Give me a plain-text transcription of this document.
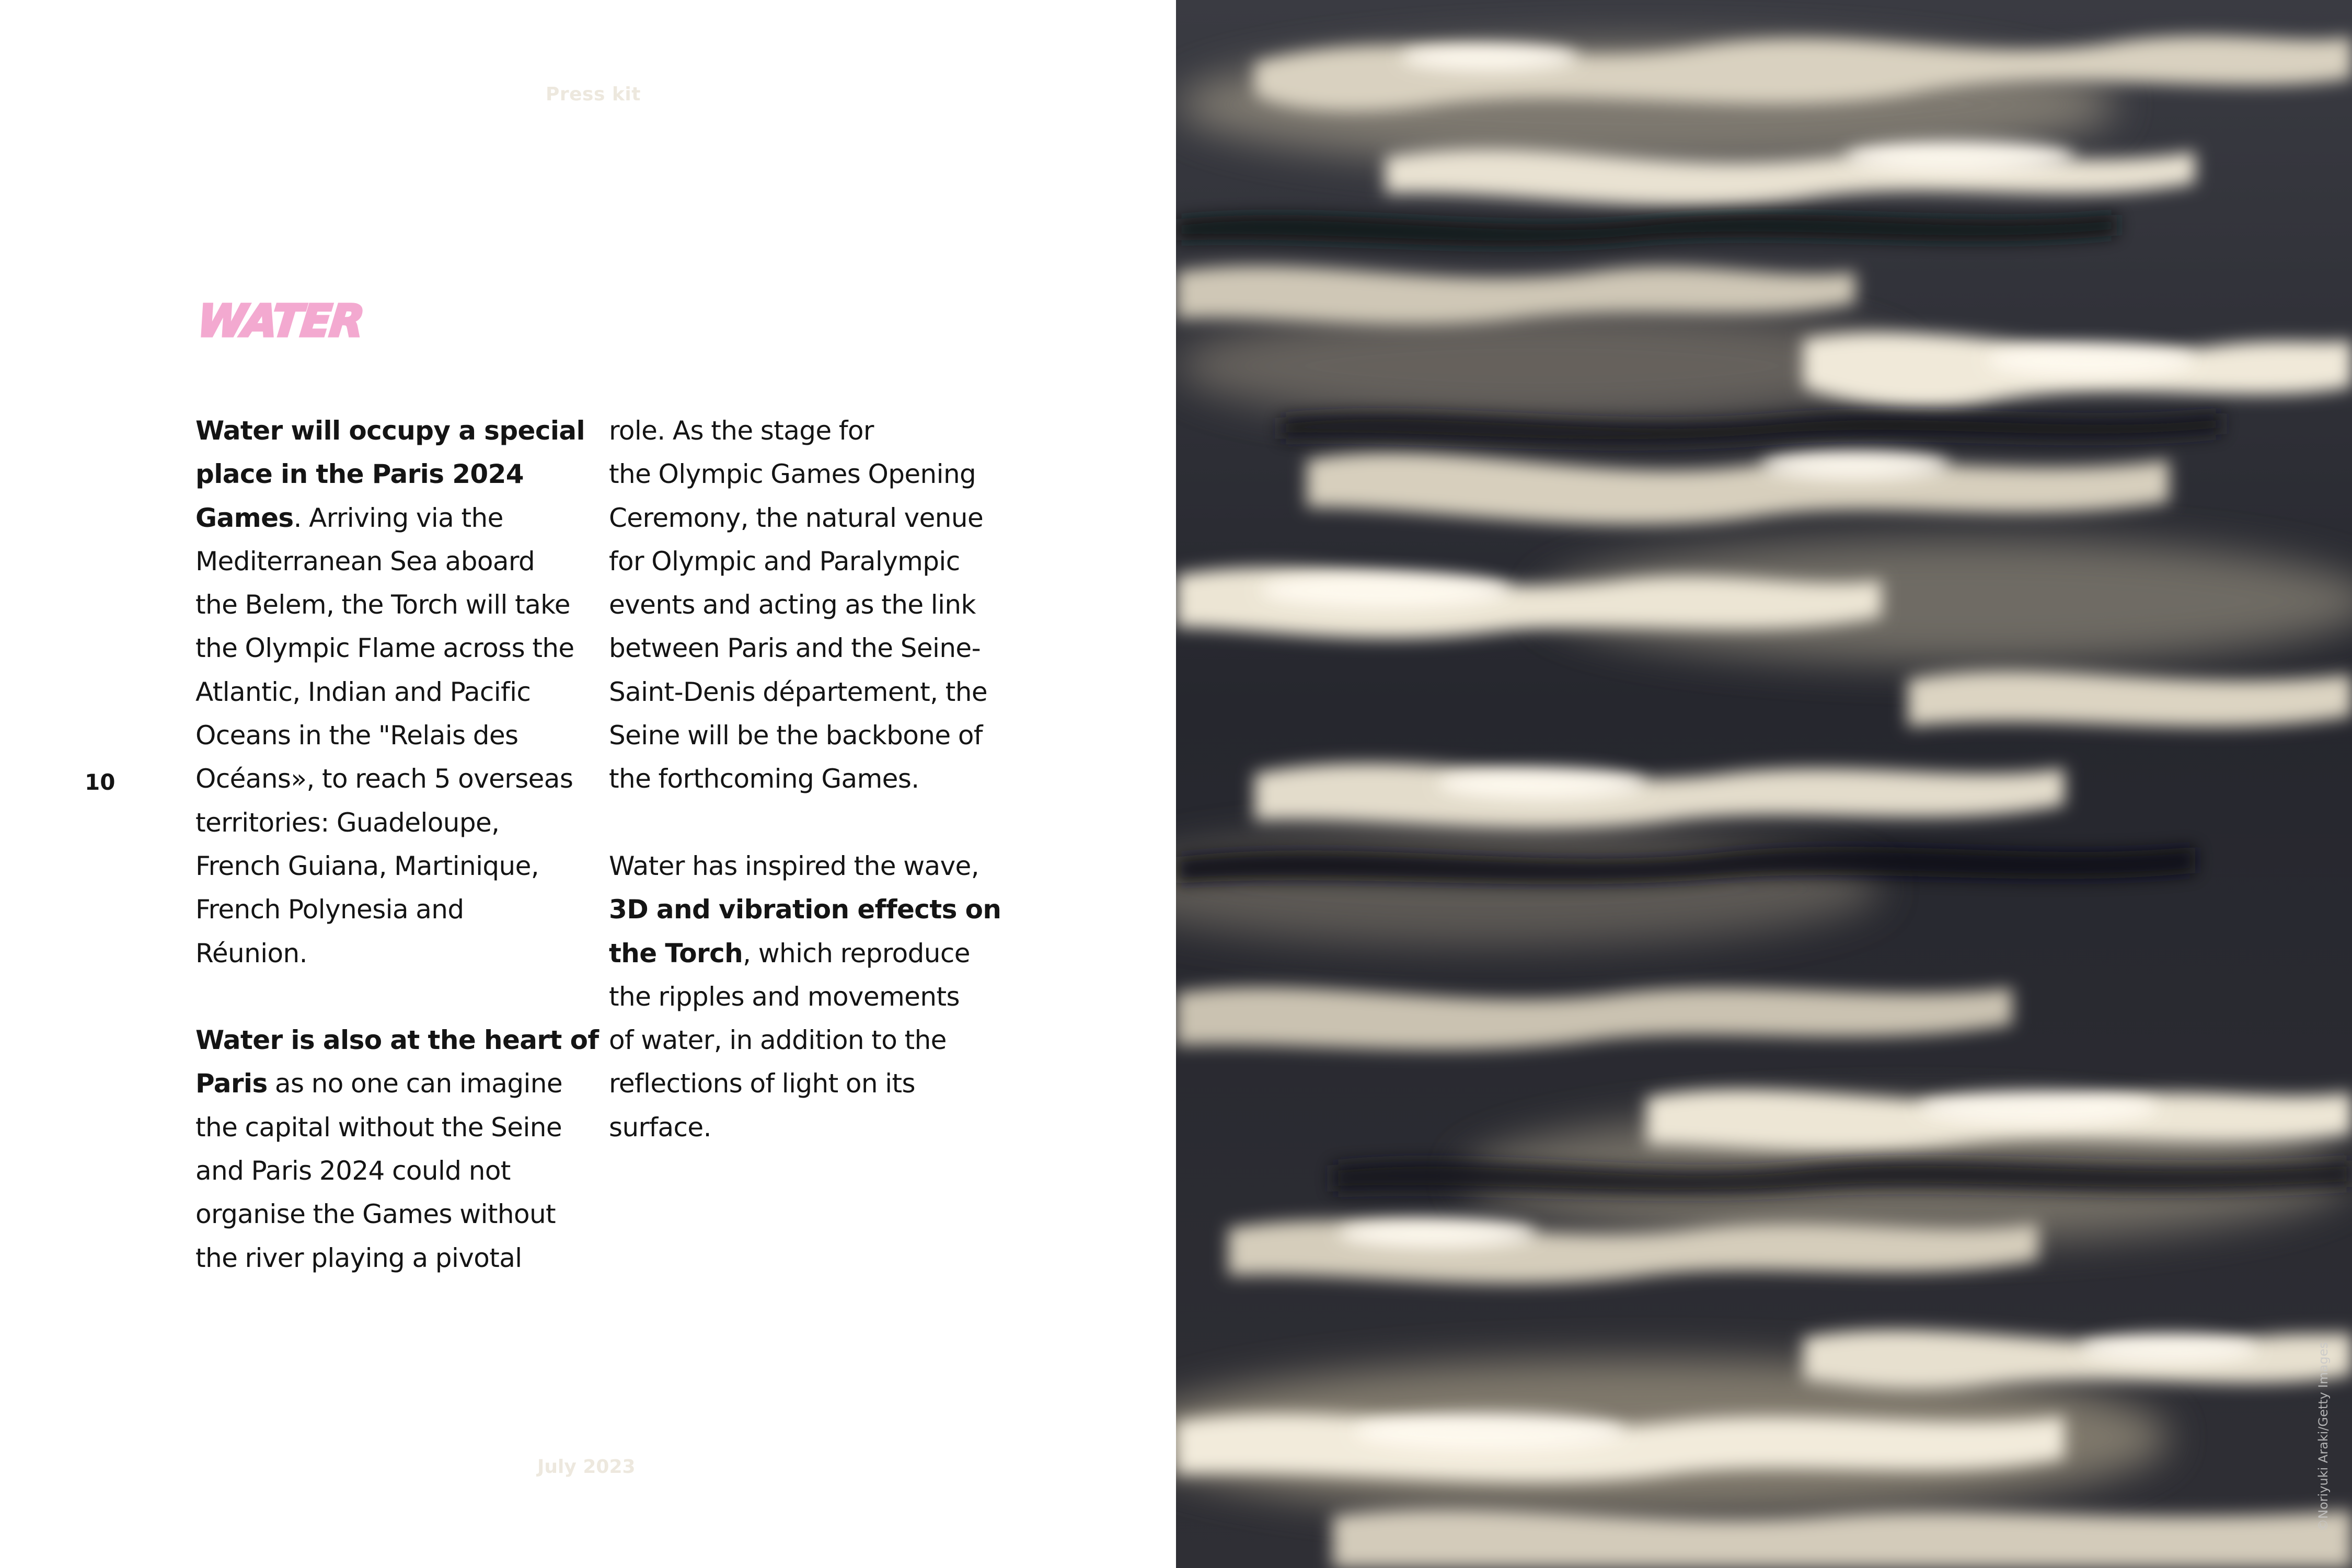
Press kit
WATER
10
Water will occupy a special
place in the Paris 2024
Games. Arriving via the
Mediterranean Sea aboard
the Belem, the Torch will take
the Olympic Flame across the
Atlantic, Indian and Pacific
Oceans in the "Relais des
Océans», to reach 5 overseas
territories: Guadeloupe,
French Guiana, Martinique,
French Polynesia and
Réunion.
Water is also at the heart of
Paris as no one can imagine
the capital without the Seine
and Paris 2024 could not
organise the Games without
the river playing a pivotal
role. As the stage for
the Olympic Games Opening
Ceremony, the natural venue
for Olympic and Paralympic
events and acting as the link
between Paris and the Seine-
Saint-Denis département, the
Seine will be the backbone of
the forthcoming Games.
Water has inspired the wave,
3D and vibration effects on
the Torch, which reproduce
the ripples and movements
of water, in addition to the
reflections of light on its
surface.
July 2023	©Noriyuki Araki/Getty Images
